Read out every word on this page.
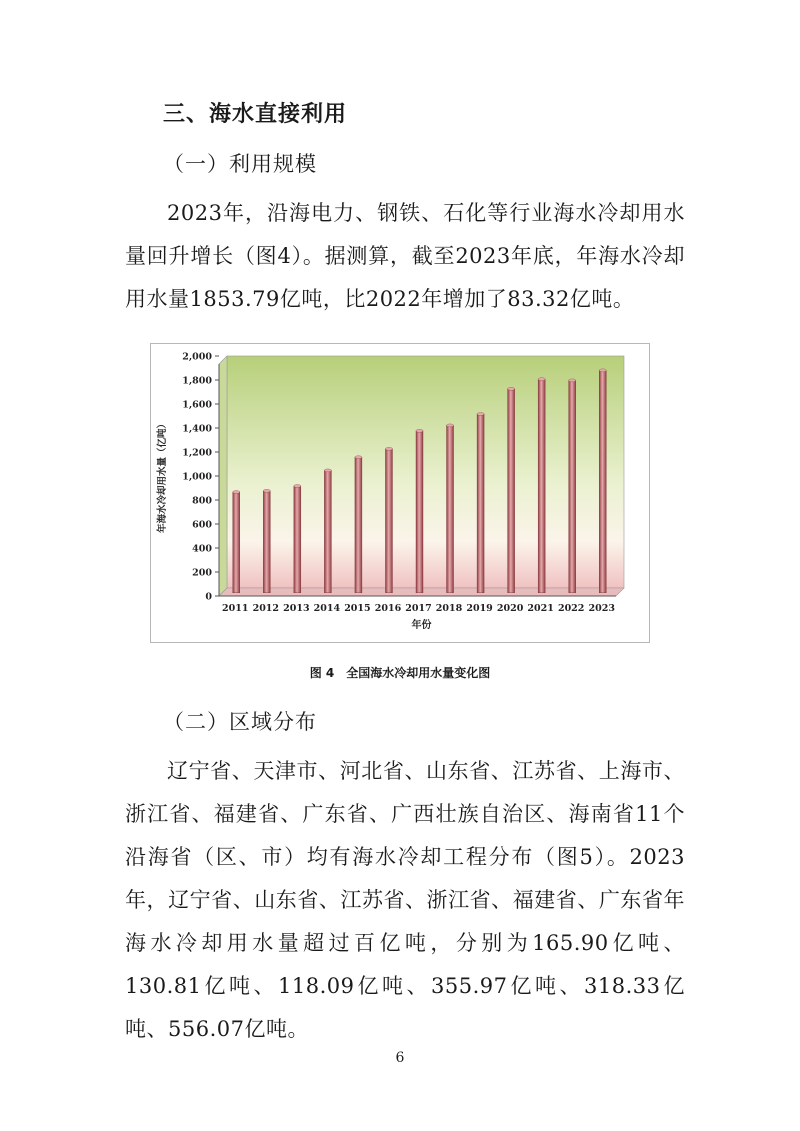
三、海水直接利用
（一）利用规模

2023年，沿海电力、钢铁、石化等行业海水冷却用水量回升增长（图4）。据测算，截至2023年底，年海水冷却用水量1853.79亿吨，比2022年增加了83.32亿吨。

0
200
400
600
800
1,000
1,200
1,400
1,600
1,800
2,000
2011 2012 2013 2014 2015 2016 2017 2018 2019 2020 2021 2022 2023
年份
年海水冷却用水量（亿吨）
图 4　全国海水冷却用水量变化图
（二）区域分布

辽宁省、天津市、河北省、山东省、江苏省、上海市、浙江省、福建省、广东省、广西壮族自治区、海南省11个沿海省（区、市）均有海水冷却工程分布（图5）。2023年，辽宁省、山东省、江苏省、浙江省、福建省、广东省年海水冷却用水量超过百亿吨，分别为165.90亿吨、130.81亿吨、118.09亿吨、355.97亿吨、318.33亿吨、556.07亿吨。

6
